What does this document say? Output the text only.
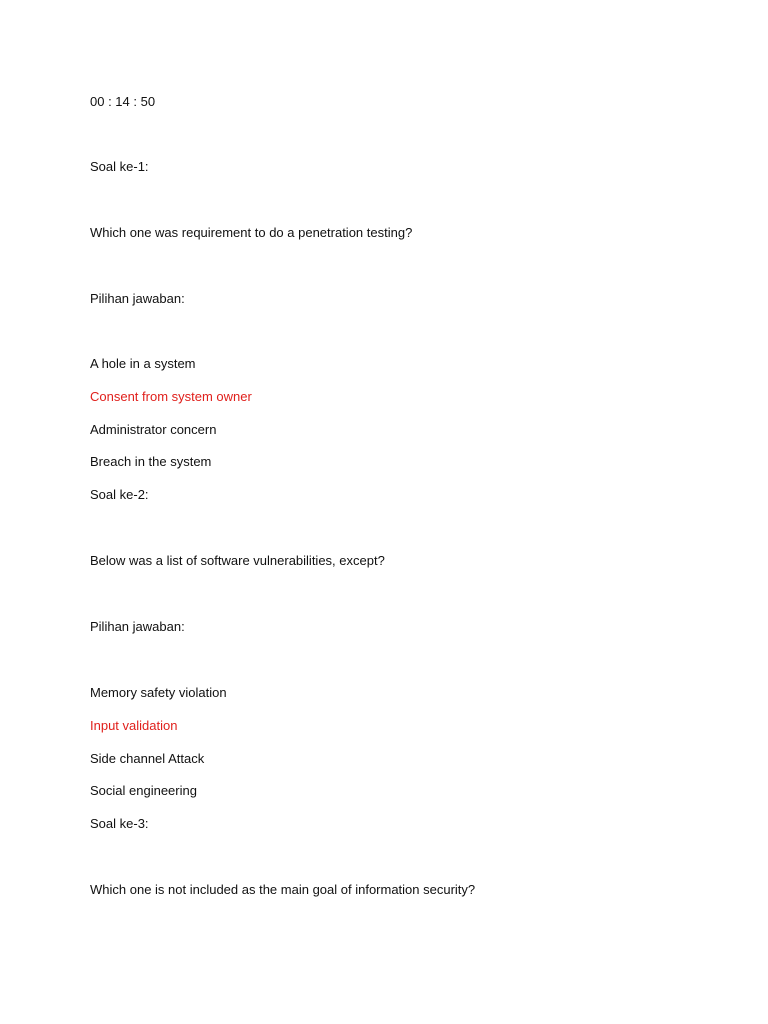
00 : 14 : 50
Soal ke-1:
Which one was requirement to do a penetration testing?
Pilihan jawaban:
A hole in a system
Consent from system owner
Administrator concern
Breach in the system
Soal ke-2:
Below was a list of software vulnerabilities, except?
Pilihan jawaban:
Memory safety violation
Input validation
Side channel Attack
Social engineering
Soal ke-3:
Which one is not included as the main goal of information security?
